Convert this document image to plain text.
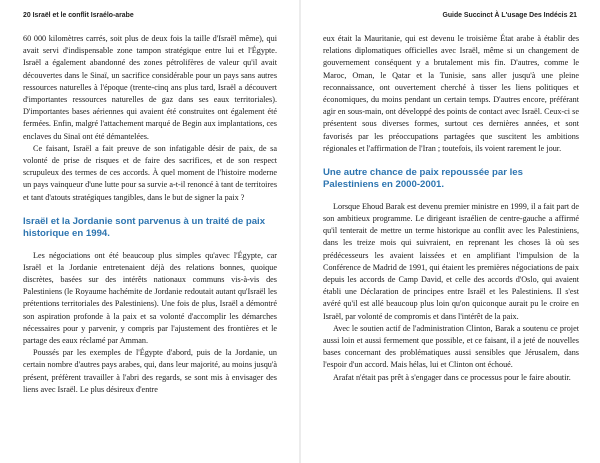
20 Israël et le conflit Israélo-arabe

60 000 kilomètres carrés, soit plus de deux fois la taille d'Israël même), qui avait servi d'indispensable zone tampon stratégique entre lui et l'Égypte. Israël a également abandonné des zones pétrolifères de valeur qu'il avait découvertes dans le Sinaï, un sacrifice considérable pour un pays sans autres ressources naturelles à l'époque (trente-cinq ans plus tard, Israël a découvert d'importantes ressources naturelles de gaz dans ses eaux territoriales). D'importantes bases aériennes qui avaient été construites ont également été fermées. Enfin, malgré l'attachement marqué de Begin aux implantations, ces enclaves du Sinaï ont été démantelées.

Ce faisant, Israël a fait preuve de son infatigable désir de paix, de sa volonté de prise de risques et de faire des sacrifices, et de son respect scrupuleux des termes de ces accords. À quel moment de l'histoire moderne un pays vainqueur d'une lutte pour sa survie a-t-il renoncé à tant de territoires et tant d'atouts stratégiques tangibles, dans le but de signer la paix ?

Israël et la Jordanie sont parvenus à un traité de paix historique en 1994.

Les négociations ont été beaucoup plus simples qu'avec l'Égypte, car Israël et la Jordanie entretenaient déjà des relations bonnes, quoique discrètes, basées sur des intérêts nationaux communs vis-à-vis des Palestiniens (le Royaume hachémite de Jordanie redoutait autant qu'Israël les prétentions territoriales des Palestiniens). Une fois de plus, Israël a démontré son aspiration profonde à la paix et sa volonté d'accomplir les démarches nécessaires pour y parvenir, y compris par l'ajustement des frontières et le partage des eaux réclamé par Amman.

Poussés par les exemples de l'Égypte d'abord, puis de la Jordanie, un certain nombre d'autres pays arabes, qui, dans leur majorité, au moins jusqu'à présent, préfèrent travailler à l'abri des regards, se sont mis à envisager des liens avec Israël. Le plus désireux d'entre

Guide Succinct À L'usage Des Indécis 21

eux était la Mauritanie, qui est devenu le troisième État arabe à établir des relations diplomatiques officielles avec Israël, même si un changement de gouvernement conséquent y a brutalement mis fin. D'autres, comme le Maroc, Oman, le Qatar et la Tunisie, sans aller jusqu'à une pleine reconnaissance, ont ouvertement cherché à tisser les liens politiques et économiques, du moins pendant un certain temps. D'autres encore, préférant agir en sous-main, ont développé des points de contact avec Israël. Ceux-ci se présentent sous diverses formes, surtout ces dernières années, et sont favorisés par les préoccupations partagées que suscitent les ambitions régionales et l'affirmation de l'Iran ; toutefois, ils voient rarement le jour.

Une autre chance de paix repoussée par les Palestiniens en 2000-2001.

Lorsque Ehoud Barak est devenu premier ministre en 1999, il a fait part de son ambitieux programme. Le dirigeant israélien de centre-gauche a affirmé qu'il tenterait de mettre un terme historique au conflit avec les Palestiniens, dans les treize mois qui suivraient, en reprenant les choses là où ses prédécesseurs les avaient laissées et en amplifiant l'impulsion de la Conférence de Madrid de 1991, qui étaient les premières négociations de paix depuis les accords de Camp David, et celle des accords d'Oslo, qui avaient établi une Déclaration de principes entre Israël et les Palestiniens. Il s'est avéré qu'il est allé beaucoup plus loin qu'on quiconque aurait pu le croire en Israël, par volonté de compromis et dans l'intérêt de la paix.

Avec le soutien actif de l'administration Clinton, Barak a soutenu ce projet aussi loin et aussi fermement que possible, et ce faisant, il a jeté de nouvelles bases concernant des problématiques aussi sensibles que Jérusalem, dans l'espoir d'un accord. Mais hélas, lui et Clinton ont échoué.

Arafat n'était pas prêt à s'engager dans ce processus pour le faire aboutir.
